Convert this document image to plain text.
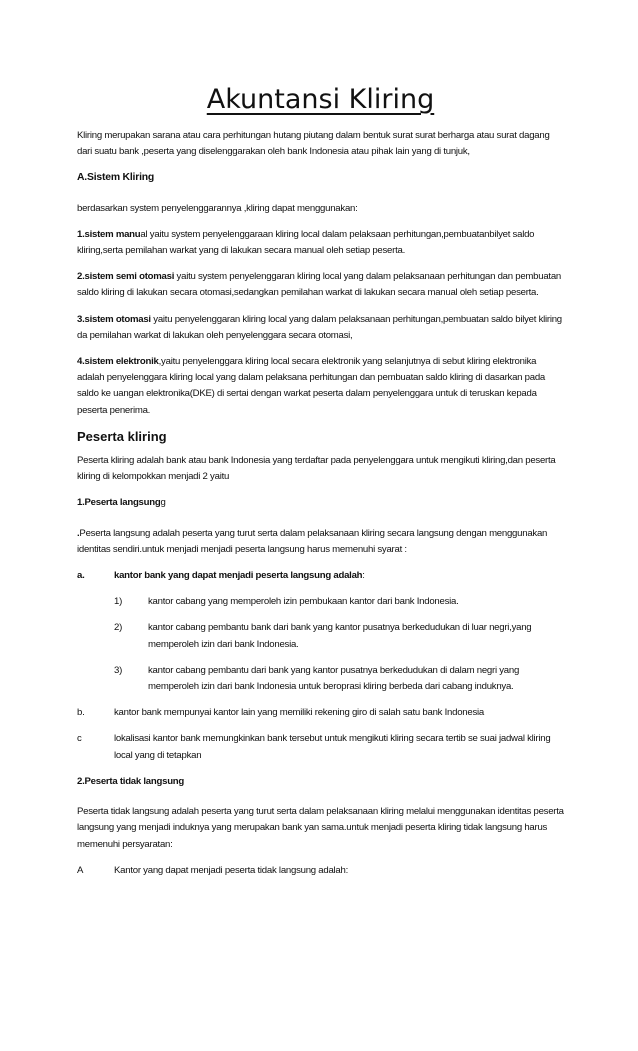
Akuntansi Kliring

Kliring merupakan sarana atau cara perhitungan hutang piutang dalam bentuk surat surat berharga atau surat dagang dari suatu bank ,peserta yang diselenggarakan oleh bank Indonesia atau pihak lain yang di tunjuk,

A.Sistem Kliring

berdasarkan system penyelenggarannya ,kliring dapat menggunakan:

1.sistem manual yaitu system penyelenggaraan kliring local dalam pelaksaan perhitungan,pembuatanbilyet saldo kliring,serta pemilahan warkat yang di lakukan secara manual oleh setiap peserta.

2.sistem semi otomasi yaitu system penyelenggaran kliring local yang dalam pelaksanaan perhitungan dan pembuatan saldo kliring di lakukan secara otomasi,sedangkan pemilahan warkat di lakukan secara manual oleh setiap peserta.

3.sistem otomasi yaitu penyelenggaran kliring local yang dalam pelaksanaan perhitungan,pembuatan saldo bilyet kliring da pemilahan warkat di lakukan oleh penyelenggara secara otomasi,

4.sistem elektronik,yaitu penyelenggara kliring local secara elektronik yang selanjutnya di sebut kliring elektronika adalah penyelenggara kliring local yang dalam pelaksana perhitungan dan pembuatan saldo kliring di dasarkan pada saldo ke uangan elektronika(DKE) di sertai dengan warkat peserta dalam penyelenggara untuk di teruskan kepada peserta penerima.

Peserta kliring

Peserta kliring adalah bank atau bank Indonesia yang terdaftar pada penyelenggara untuk mengikuti kliring,dan peserta kliring di kelompokkan menjadi 2 yaitu

1.Peserta langsungg

.Peserta langsung adalah peserta yang turut serta dalam pelaksanaan kliring secara langsung dengan menggunakan identitas sendiri.untuk menjadi menjadi peserta langsung harus memenuhi syarat :

a.	kantor bank yang dapat menjadi peserta langsung adalah:
1)	kantor cabang yang memperoleh izin pembukaan kantor dari bank Indonesia.
2)	kantor cabang pembantu bank dari bank yang kantor pusatnya berkedudukan di luar negri,yang memperoleh izin dari bank Indonesia.
3)	kantor cabang pembantu dari bank yang kantor pusatnya berkedudukan di dalam negri yang memperoleh izin dari bank Indonesia untuk beroprasi kliring berbeda dari cabang induknya.
b.	kantor bank mempunyai kantor lain yang memiliki rekening giro di salah satu bank Indonesia
c	lokalisasi kantor bank memungkinkan bank tersebut untuk mengikuti kliring secara tertib se suai jadwal kliring local yang di tetapkan
2.Peserta tidak langsung

Peserta tidak langsung adalah peserta yang turut serta dalam pelaksanaan kliring melalui menggunakan identitas peserta langsung yang menjadi induknya yang merupakan bank yan sama.untuk menjadi peserta kliring tidak langsung harus memenuhi persyaratan:

A	Kantor yang dapat menjadi peserta tidak langsung adalah:
